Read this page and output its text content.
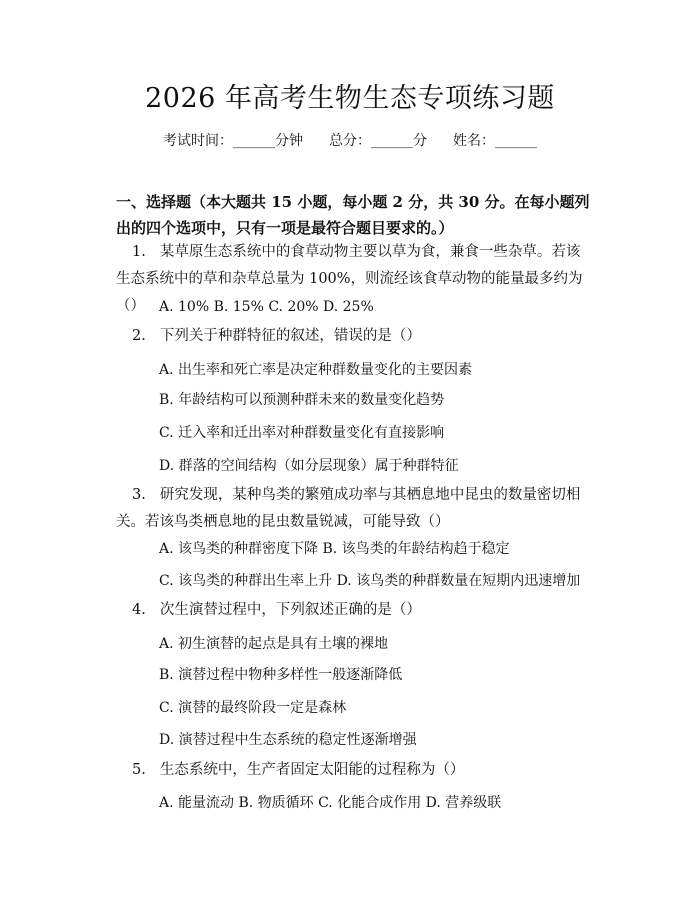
2026 年高考生物生态专项练习题
考试时间：______分钟 总分：______分 姓名：______
一、选择题（本大题共 15 小题，每小题 2 分，共 30 分。在每小题列出的四个选项中，只有一项是最符合题目要求的。）
1. 某草原生态系统中的食草动物主要以草为食，兼食一些杂草。若该生态系统中的草和杂草总量为 100%，则流经该食草动物的能量最多约为（）	A. 10% B. 15% C. 20% D. 25%
2. 下列关于种群特征的叙述，错误的是（）
A. 出生率和死亡率是决定种群数量变化的主要因素
B. 年龄结构可以预测种群未来的数量变化趋势
C. 迁入率和迁出率对种群数量变化有直接影响
D. 群落的空间结构（如分层现象）属于种群特征
3. 研究发现，某种鸟类的繁殖成功率与其栖息地中昆虫的数量密切相关。若该鸟类栖息地的昆虫数量锐减，可能导致（）
A. 该鸟类的种群密度下降 B. 该鸟类的年龄结构趋于稳定
C. 该鸟类的种群出生率上升 D. 该鸟类的种群数量在短期内迅速增加
4. 次生演替过程中，下列叙述正确的是（）
A. 初生演替的起点是具有土壤的裸地
B. 演替过程中物种多样性一般逐渐降低
C. 演替的最终阶段一定是森林
D. 演替过程中生态系统的稳定性逐渐增强
5. 生态系统中，生产者固定太阳能的过程称为（）
A. 能量流动 B. 物质循环 C. 化能合成作用 D. 营养级联
